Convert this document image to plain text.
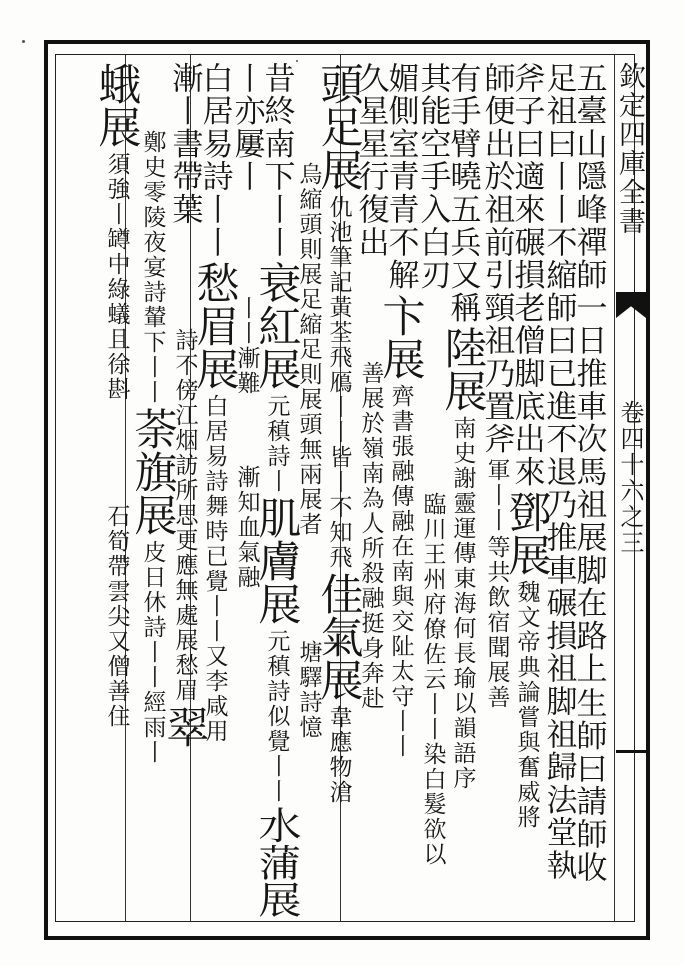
欽定四庫全書
卷四十六之三
五臺山隱峰禪師一日推車次馬祖展脚在路上
生師曰請師收
足祖曰丨丨不縮師曰已進不退乃推車碾損祖脚祖歸法堂執
斧子曰適來碾損老僧脚底出來
鄧展
魏文帝典論嘗與奮威將
師便出於祖前引頸祖乃置斧
軍丨丨
等共飲宿聞展善
有手臂曉五兵又稱
陸展
南史謝靈運傳東海何長瑜以韻語序
其能空手入白刃

臨川王州府僚佐云丨丨染白髮欲以
媚側室青青不解
卞展
齊書張融傳融在南與交阯太守丨丨
久星星行復出

善展於嶺南為人所殺融挺身奔赴
頭足展
仇池筆記黃荃飛鴈丨丨皆丨不知飛
佳氣展
韋應物滄

烏縮頭則展足縮足則展頭無兩展者

塘驛詩憶
昔終南下丨丨
衰紅展
元稹詩丨
肌膚展
元稹詩似覺丨丨
水蒲展
丨亦屢丨

丨丨漸難

漸知血氣融
白居易詩丨丨
愁眉展
白居易詩舞時已覺丨丨又李咸用
漸丨書帶葉

詩不傍江烟訪所思更應無處展愁眉
翠

鄭史零陵夜宴詩輦下丨丨
荼旗展
皮日休詩丨丨經雨丨
蛾展
須強丨罇中綠蟻且徐斟

石筍帶雲尖又僧善住
